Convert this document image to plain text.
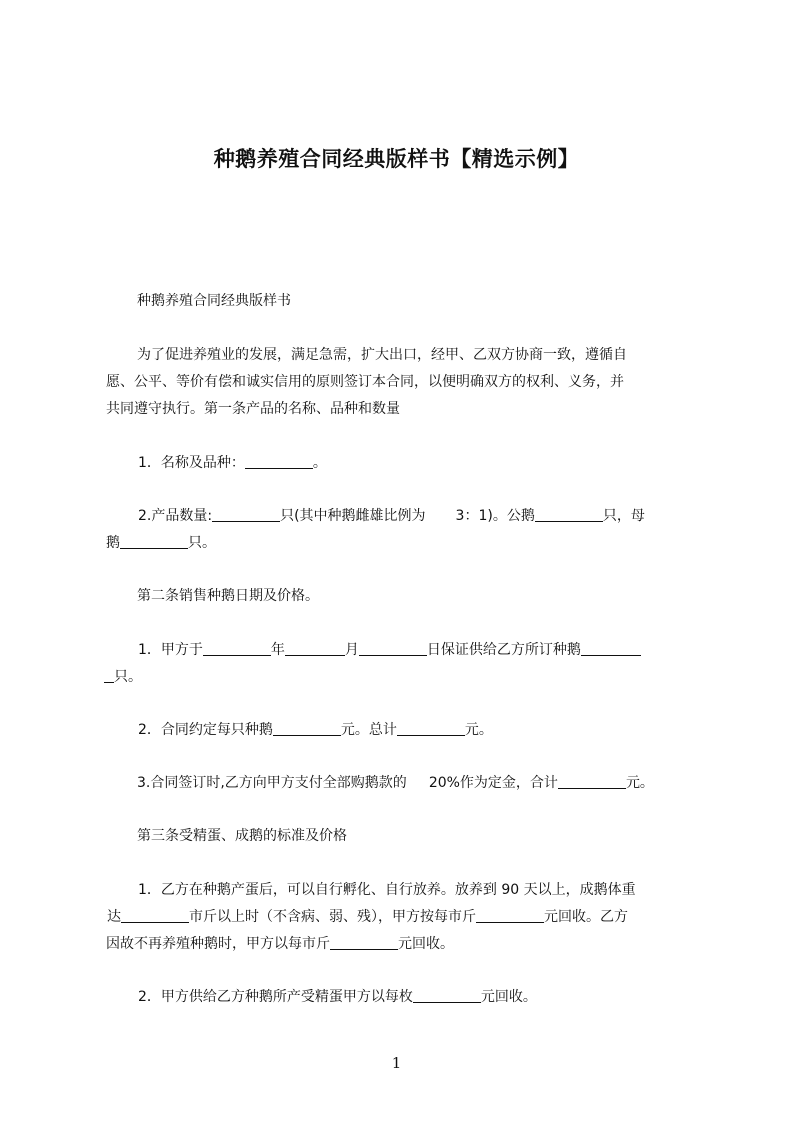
种鹅养殖合同经典版样书【精选示例】
种鹅养殖合同经典版样书
为了促进养殖业的发展，满足急需，扩大出口，经甲、乙双方协商一致，遵循自
愿、公平、等价有偿和诚实信用的原则签订本合同，以便明确双方的权利、义务，并
共同遵守执行。第一条产品的名称、品种和数量
1．名称及品种：	。
2.产品数量:	只(其中种鹅雌雄比例为 3：1)。公鹅	只，母
鹅	只。
第二条销售种鹅日期及价格。
1．甲方于	年	月	日保证供给乙方所订种鹅
只。
2．合同约定每只种鹅	元。总计	元。
3.合同签订时,乙方向甲方支付全部购鹅款的 20%作为定金，合计	元。
第三条受精蛋、成鹅的标准及价格
1．乙方在种鹅产蛋后，可以自行孵化、自行放养。放养到 90 天以上，成鹅体重
达	市斤以上时（不含病、弱、残），甲方按每市斤	元回收。乙方
因故不再养殖种鹅时，甲方以每市斤	元回收。
2．甲方供给乙方种鹅所产受精蛋甲方以每枚	元回收。
1
